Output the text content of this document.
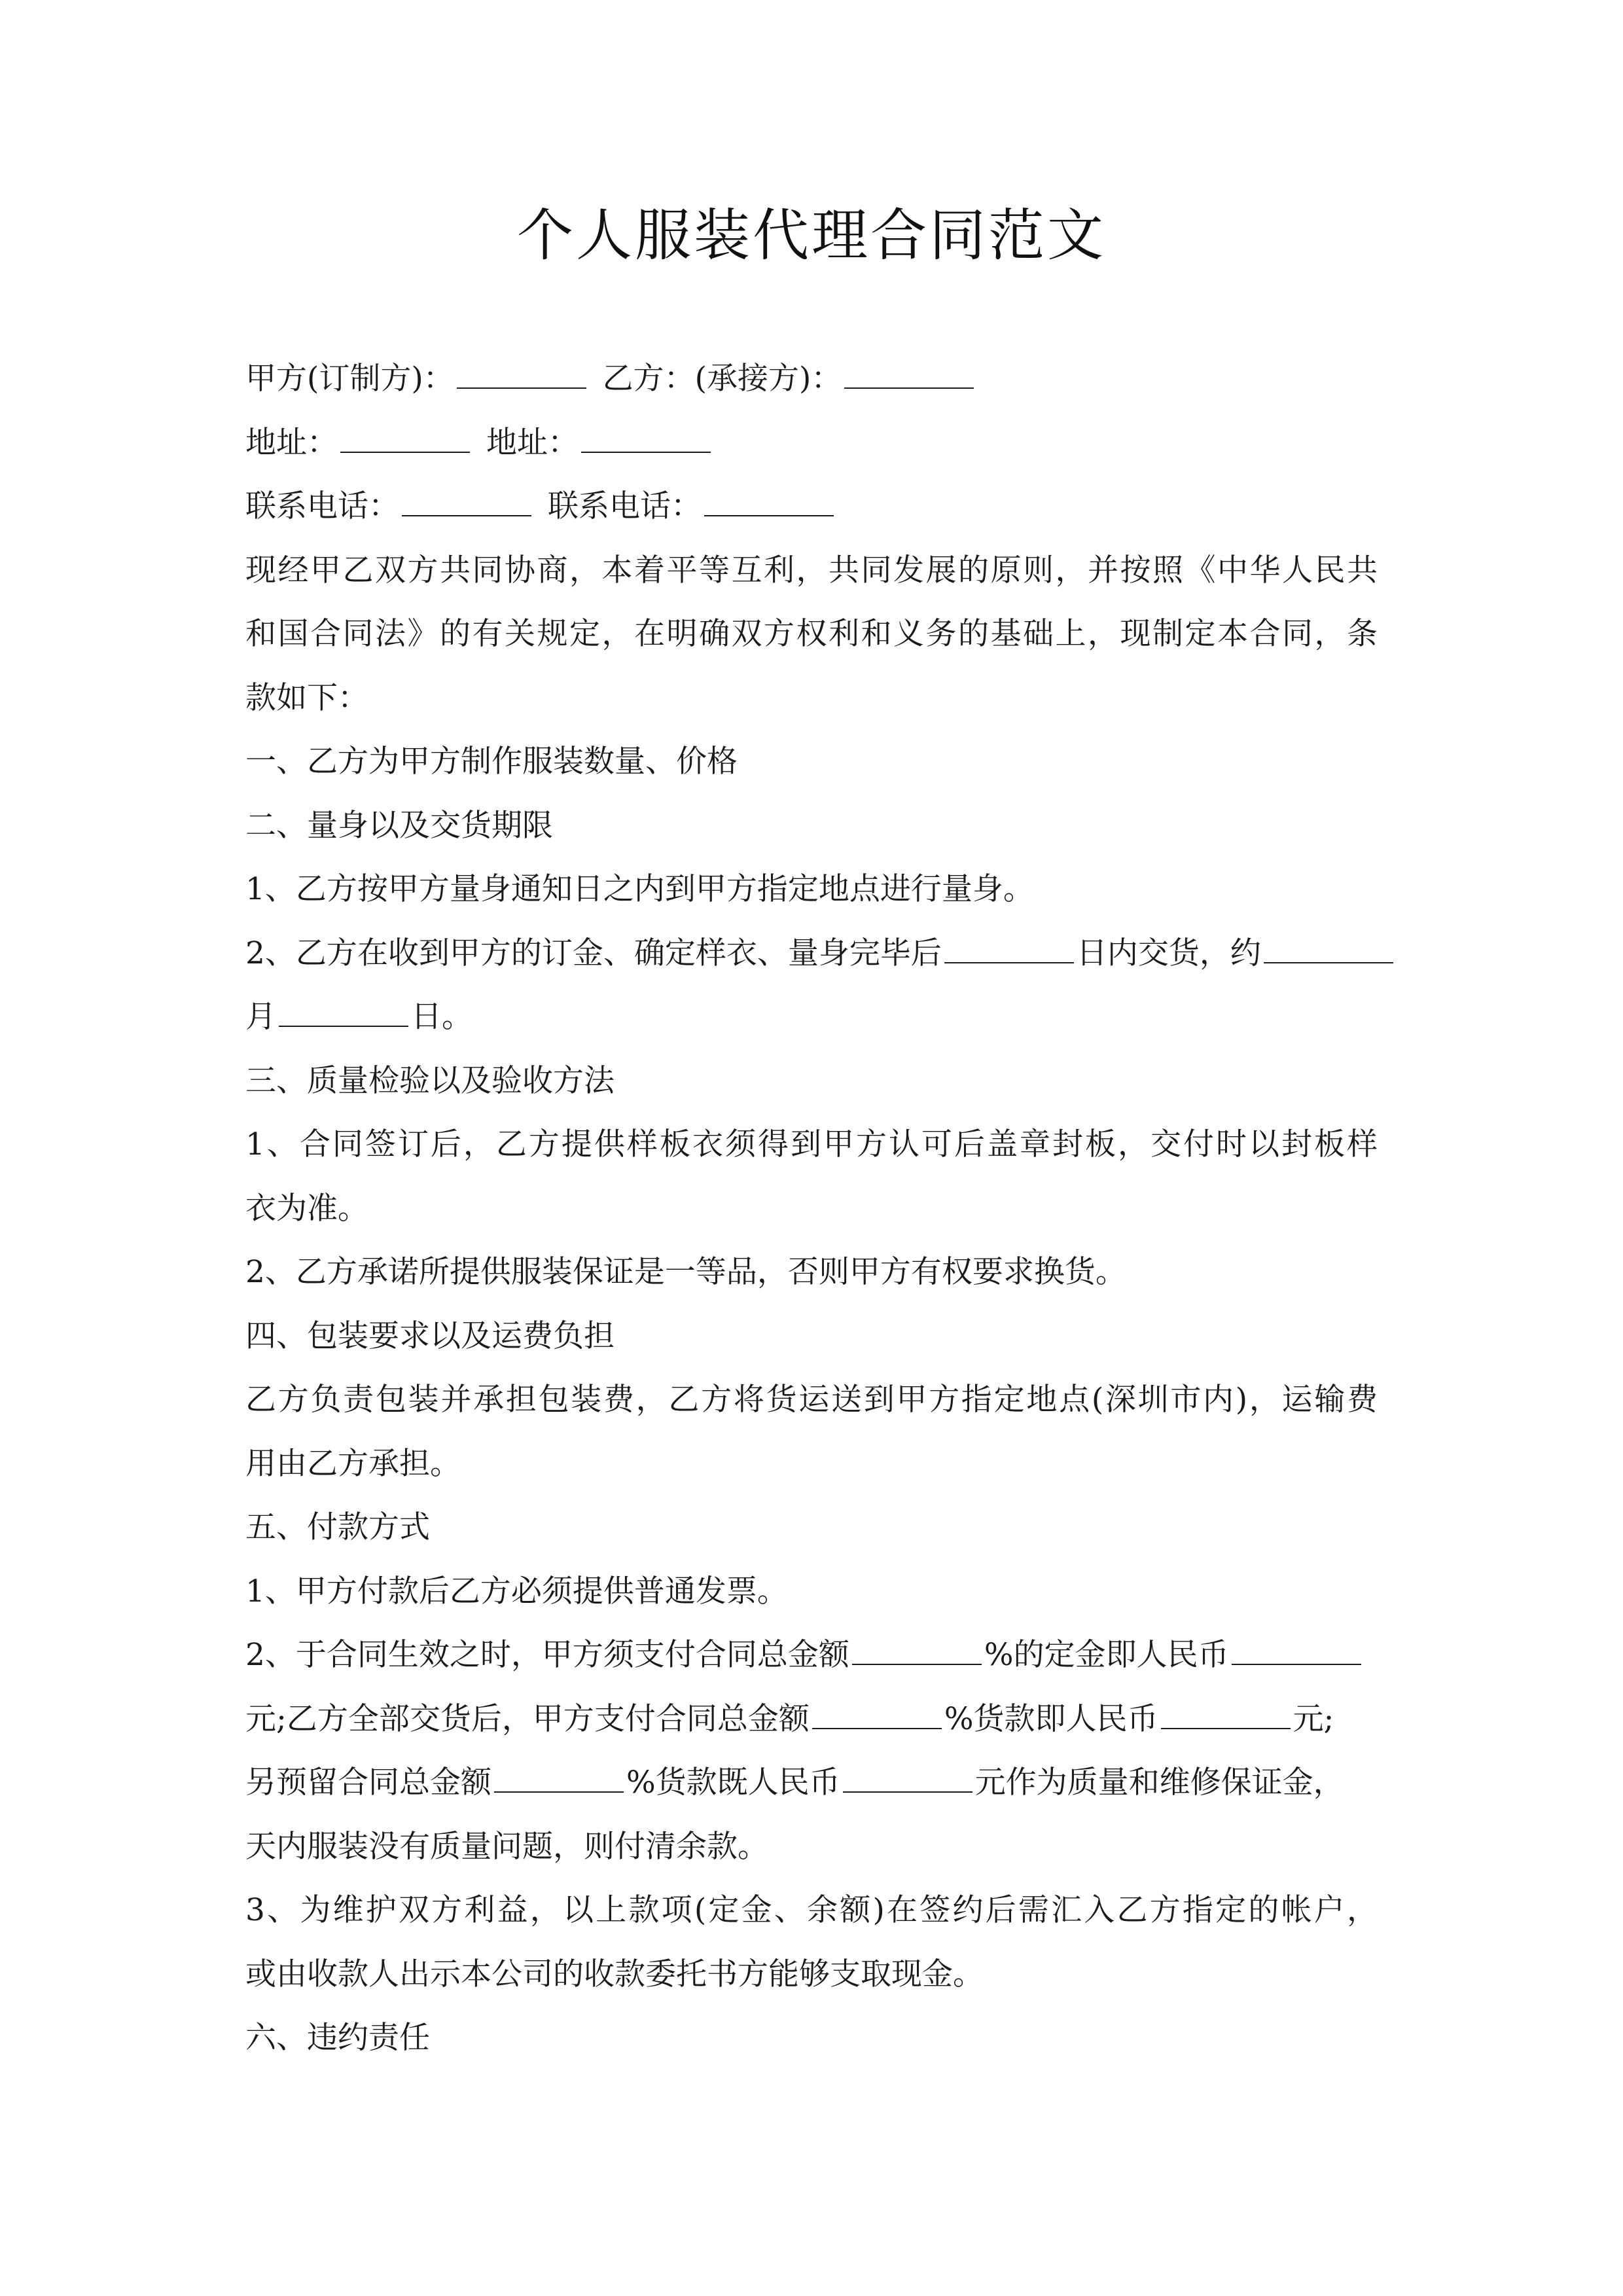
个人服装代理合同范文
甲方(订制方)：	乙方：(承接方)：
地址：	地址：
联系电话：	联系电话：
现经甲乙双方共同协商，本着平等互利，共同发展的原则，并按照《中华人民共
和国合同法》的有关规定，在明确双方权利和义务的基础上，现制定本合同，条
款如下：
一、乙方为甲方制作服装数量、价格
二、量身以及交货期限
1、乙方按甲方量身通知日之内到甲方指定地点进行量身。
2、乙方在收到甲方的订金、确定样衣、量身完毕后	日内交货，约
月	日。
三、质量检验以及验收方法
1、合同签订后，乙方提供样板衣须得到甲方认可后盖章封板，交付时以封板样
衣为准。
2、乙方承诺所提供服装保证是一等品，否则甲方有权要求换货。
四、包装要求以及运费负担
乙方负责包装并承担包装费，乙方将货运送到甲方指定地点(深圳市内)，运输费
用由乙方承担。
五、付款方式
1、甲方付款后乙方必须提供普通发票。
2、于合同生效之时，甲方须支付合同总金额	%的定金即人民币
元;乙方全部交货后，甲方支付合同总金额	%货款即人民币	元;
另预留合同总金额	%货款既人民币	元作为质量和维修保证金，
天内服装没有质量问题，则付清余款。
3、为维护双方利益，以上款项(定金、余额)在签约后需汇入乙方指定的帐户，
或由收款人出示本公司的收款委托书方能够支取现金。
六、违约责任
